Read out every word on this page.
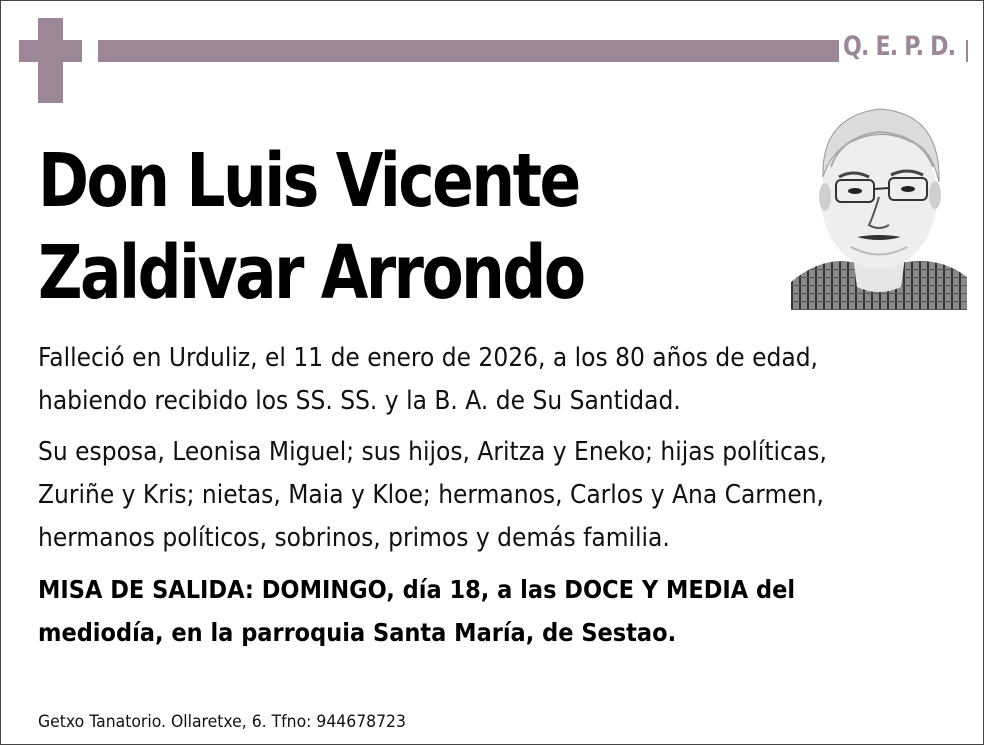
Q. E. P. D.
Don Luis Vicente
Zaldivar Arrondo
Falleció en Urduliz, el 11 de enero de 2026, a los 80 años de edad,
habiendo recibido los SS. SS. y la B. A. de Su Santidad.
Su esposa, Leonisa Miguel; sus hijos, Aritza y Eneko; hijas políticas,
Zuriñe y Kris; nietas, Maia y Kloe; hermanos, Carlos y Ana Carmen,
hermanos políticos, sobrinos, primos y demás familia.
MISA DE SALIDA: DOMINGO, día 18, a las DOCE Y MEDIA del
mediodía, en la parroquia Santa María, de Sestao.
Getxo Tanatorio. Ollaretxe, 6. Tfno: 944678723
